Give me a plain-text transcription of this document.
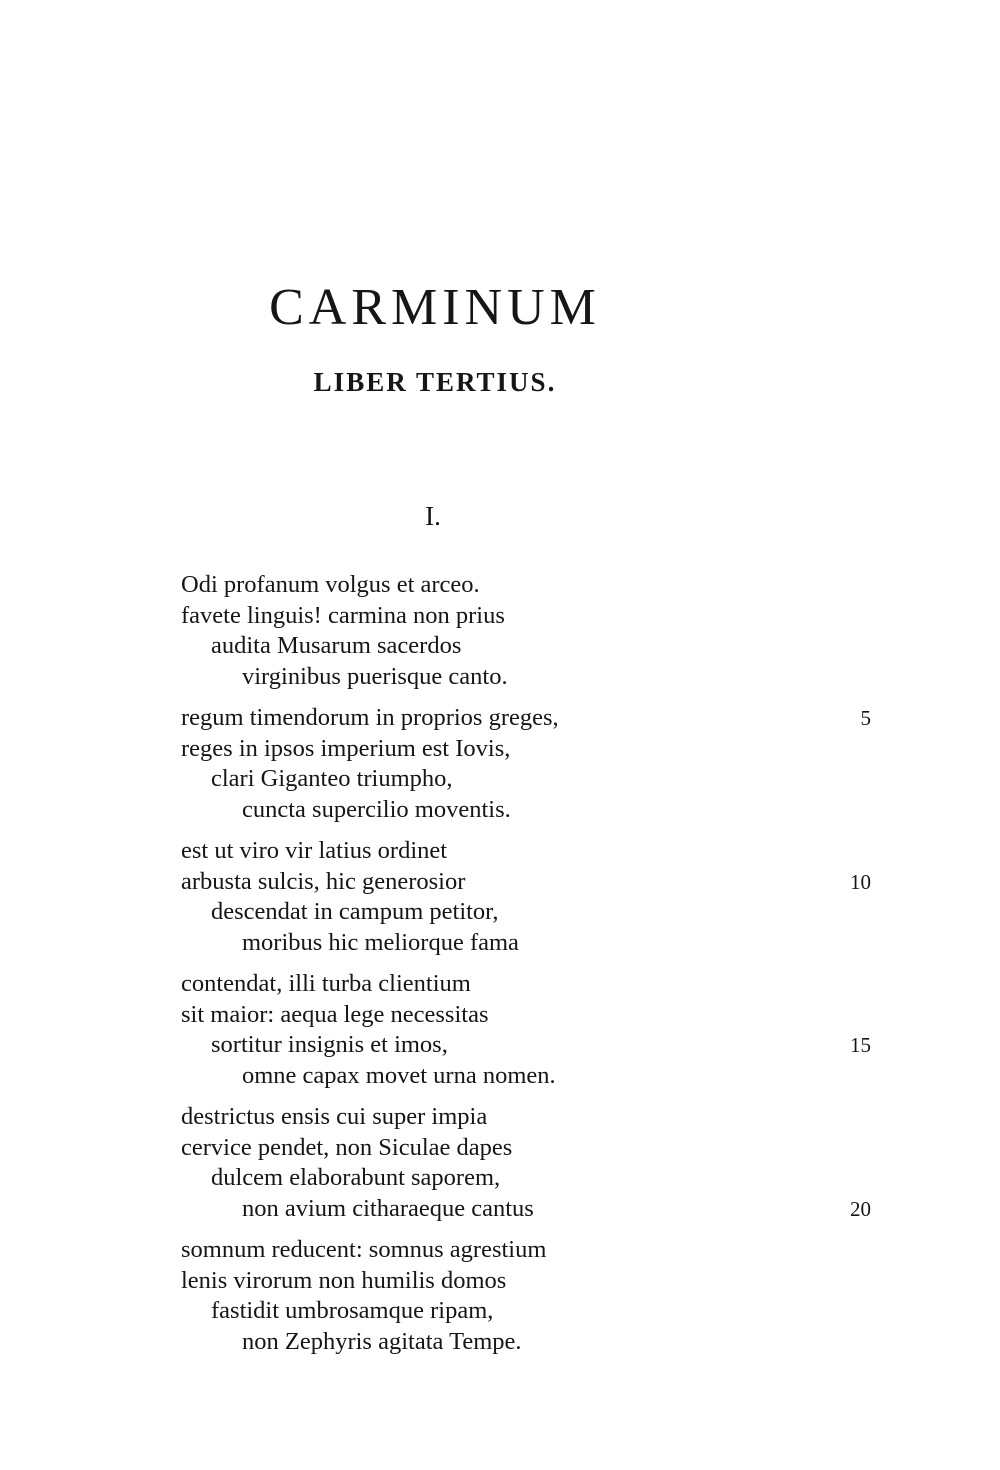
CARMINUM
LIBER TERTIUS.
I.
Odi profanum volgus et arceo.
favete linguis! carmina non prius
audita Musarum sacerdos
virginibus puerisque canto.
regum timendorum in proprios greges,	5
reges in ipsos imperium est Iovis,
clari Giganteo triumpho,
cuncta supercilio moventis.
est ut viro vir latius ordinet
arbusta sulcis, hic generosior	10
descendat in campum petitor,
moribus hic meliorque fama
contendat, illi turba clientium
sit maior: aequa lege necessitas
sortitur insignis et imos,	15
omne capax movet urna nomen.
destrictus ensis cui super impia
cervice pendet, non Siculae dapes
dulcem elaborabunt saporem,
non avium citharaeque cantus	20
somnum reducent: somnus agrestium
lenis virorum non humilis domos
fastidit umbrosamque ripam,
non Zephyris agitata Tempe.
